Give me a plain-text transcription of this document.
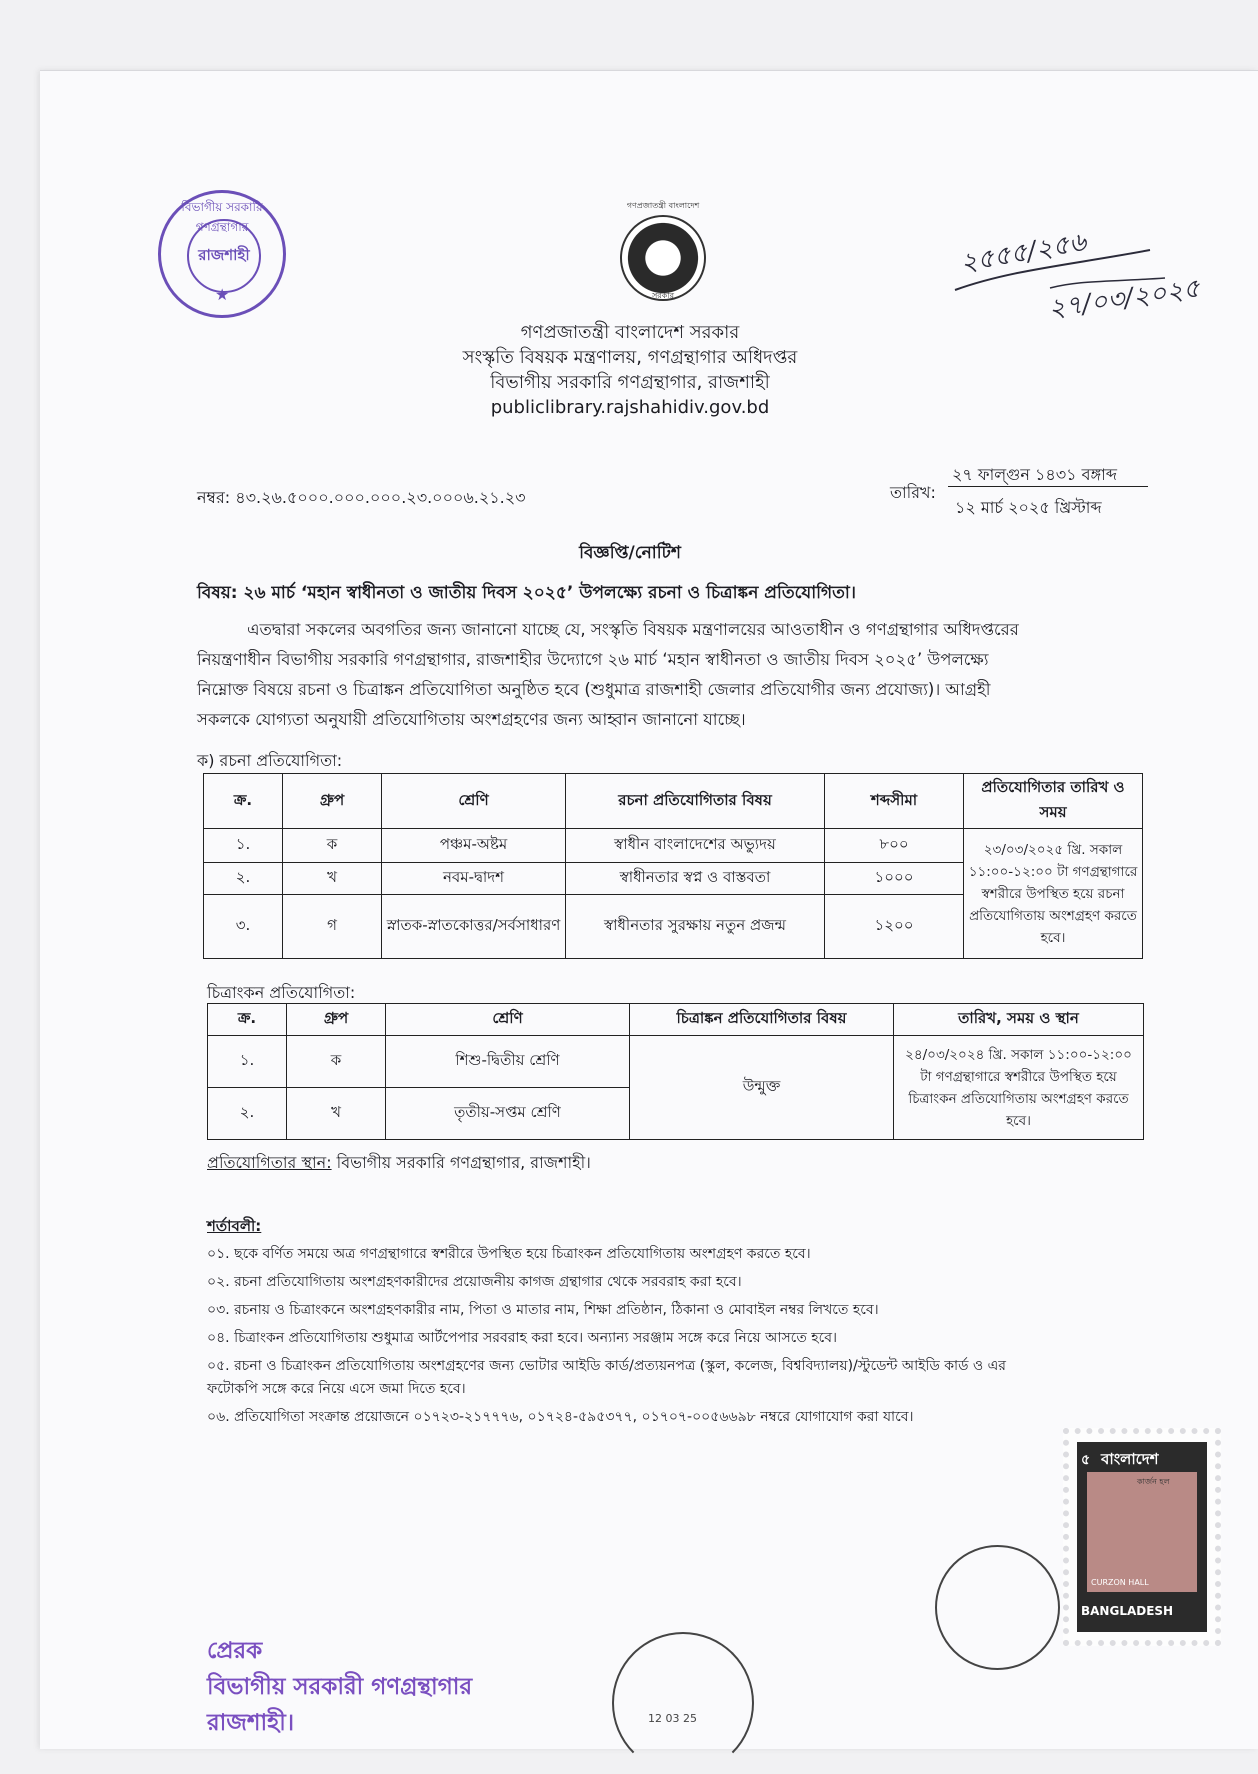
বিভাগীয় সরকারি গণগ্রন্থাগার
রাজশাহী
★
গণপ্রজাতন্ত্রী বাংলাদেশ
সরকার
২৫৫৫/২৫৬
২৭/০৩/২০২৫
গণপ্রজাতন্ত্রী বাংলাদেশ সরকার
সংস্কৃতি বিষয়ক মন্ত্রণালয়, গণগ্রন্থাগার অধিদপ্তর
বিভাগীয় সরকারি গণগ্রন্থাগার, রাজশাহী
publiclibrary.rajshahidiv.gov.bd
নম্বর: ৪৩.২৬.৫০০০.০০০.০০০.২৩.০০০৬.২১.২৩	তারিখ:
২৭ ফাল্গুন ১৪৩১ বঙ্গাব্দ
১২ মার্চ ২০২৫ খ্রিস্টাব্দ
বিজ্ঞপ্তি/নোটিশ
বিষয়: ২৬ মার্চ ‘মহান স্বাধীনতা ও জাতীয় দিবস ২০২৫’ উপলক্ষ্যে রচনা ও চিত্রাঙ্কন প্রতিযোগিতা।
এতদ্বারা সকলের অবগতির জন্য জানানো যাচ্ছে যে, সংস্কৃতি বিষয়ক মন্ত্রণালয়ের আওতাধীন ও গণগ্রন্থাগার অধিদপ্তরের
নিয়ন্ত্রণাধীন বিভাগীয় সরকারি গণগ্রন্থাগার, রাজশাহীর উদ্যোগে ২৬ মার্চ ‘মহান স্বাধীনতা ও জাতীয় দিবস ২০২৫’ উপলক্ষ্যে
নিম্নোক্ত বিষয়ে রচনা ও চিত্রাঙ্কন প্রতিযোগিতা অনুষ্ঠিত হবে (শুধুমাত্র রাজশাহী জেলার প্রতিযোগীর জন্য প্রযোজ্য)। আগ্রহী
সকলকে যোগ্যতা অনুযায়ী প্রতিযোগিতায় অংশগ্রহণের জন্য আহ্বান জানানো যাচ্ছে।
ক) রচনা প্রতিযোগিতা:
ক্র.	গ্রুপ	শ্রেণি	রচনা প্রতিযোগিতার বিষয়	শব্দসীমা	প্রতিযোগিতার তারিখ ও সময়
১.	ক	পঞ্চম-অষ্টম	স্বাধীন বাংলাদেশের অভ্যুদয়	৮০০	২৩/০৩/২০২৫ খ্রি. সকাল ১১:০০-১২:০০ টা গণগ্রন্থাগারে স্বশরীরে উপস্থিত হয়ে রচনা প্রতিযোগিতায় অংশগ্রহণ করতে হবে।
২.	খ	নবম-দ্বাদশ	স্বাধীনতার স্বপ্ন ও বাস্তবতা	১০০০	
৩.	গ	স্নাতক-স্নাতকোত্তর/সর্বসাধারণ	স্বাধীনতার সুরক্ষায় নতুন প্রজন্ম	১২০০	
চিত্রাংকন প্রতিযোগিতা:
ক্র.	গ্রুপ	শ্রেণি	চিত্রাঙ্কন প্রতিযোগিতার বিষয়	তারিখ, সময় ও স্থান
১.	ক	শিশু-দ্বিতীয় শ্রেণি	উন্মুক্ত	২৪/০৩/২০২৪ খ্রি. সকাল ১১:০০-১২:০০ টা গণগ্রন্থাগারে স্বশরীরে উপস্থিত হয়ে চিত্রাংকন প্রতিযোগিতায় অংশগ্রহণ করতে হবে।
২.	খ	তৃতীয়-সপ্তম শ্রেণি		
প্রতিযোগিতার স্থান: বিভাগীয় সরকারি গণগ্রন্থাগার, রাজশাহী।
শর্তাবলী:
০১. ছকে বর্ণিত সময়ে অত্র গণগ্রন্থাগারে স্বশরীরে উপস্থিত হয়ে চিত্রাংকন প্রতিযোগিতায় অংশগ্রহণ করতে হবে।
০২. রচনা প্রতিযোগিতায় অংশগ্রহণকারীদের প্রয়োজনীয় কাগজ গ্রন্থাগার থেকে সরবরাহ করা হবে।
০৩. রচনায় ও চিত্রাংকনে অংশগ্রহণকারীর নাম, পিতা ও মাতার নাম, শিক্ষা প্রতিষ্ঠান, ঠিকানা ও মোবাইল নম্বর লিখতে হবে।
০৪. চিত্রাংকন প্রতিযোগিতায় শুধুমাত্র আর্টপেপার সরবরাহ করা হবে। অন্যান্য সরঞ্জাম সঙ্গে করে নিয়ে আসতে হবে।
০৫. রচনা ও চিত্রাংকন প্রতিযোগিতায় অংশগ্রহণের জন্য ভোটার আইডি কার্ড/প্রত্যয়নপত্র (স্কুল, কলেজ, বিশ্ববিদ্যালয়)/স্টুডেন্ট আইডি কার্ড ও এর
ফটোকপি সঙ্গে করে নিয়ে এসে জমা দিতে হবে।
০৬. প্রতিযোগিতা সংক্রান্ত প্রয়োজনে ০১৭২৩-২১৭৭৭৬, ০১৭২৪-৫৯৫৩৭৭, ০১৭০৭-০০৫৬৬৯৮ নম্বরে যোগাযোগ করা যাবে।
৫ বাংলাদেশ
কার্জন হল
CURZON HALL
BANGLADESH
12 03 25
প্রেরক
বিভাগীয় সরকারী গণগ্রন্থাগার
রাজশাহী।
